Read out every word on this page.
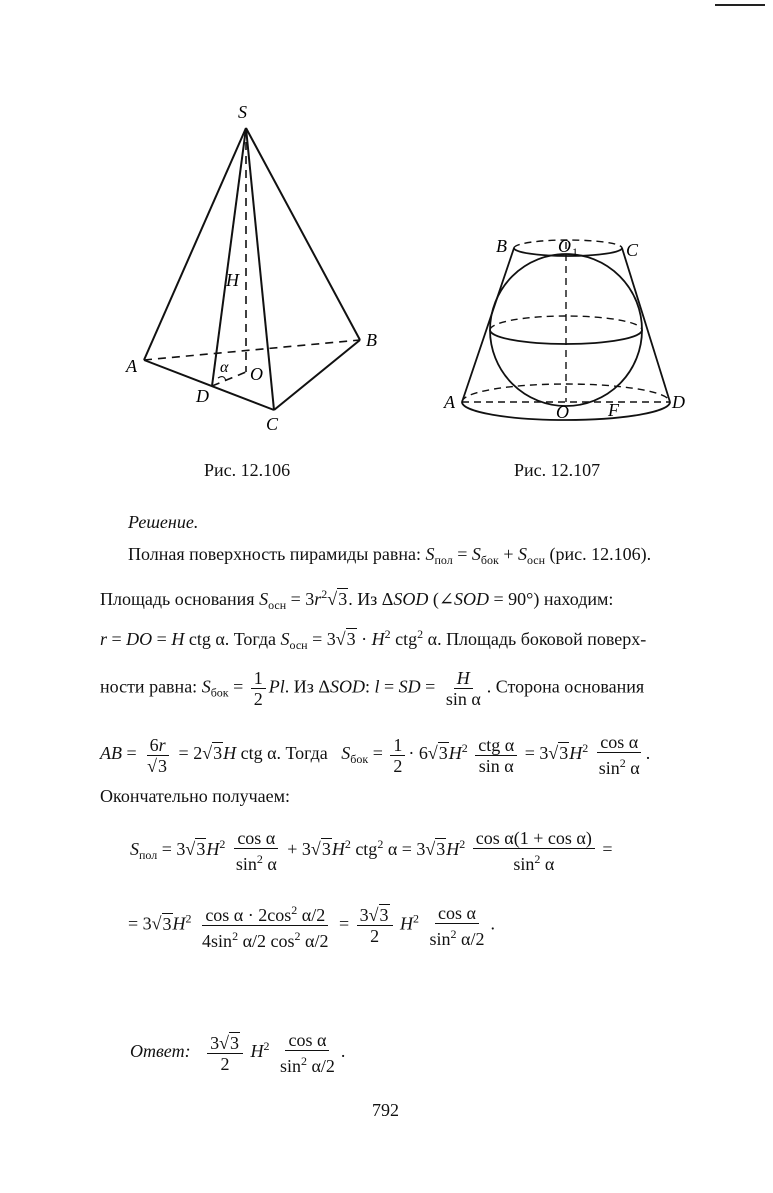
S
H
B
A	α O
D
C
B	O 1	C
A	O F	D
Рис. 12.106	Рис. 12.107
Решение.
Полная поверхность пирамиды равна: $S_{пол} = S_{бок} + S_{осн}$ (рис. 12.106).
Площадь основания $S_{осн} = 3r^2√3$. Из ΔSOD (∠SOD = 90°) находим:
r = DO = H ctg α. Тогда $S_{осн} = 3√3 \cdot H^2$ ctg$^2$ α. Площадь боковой поверх-
ности равна: $S_{бок} = \frac{1}{2} Pl$. Из ΔSOD: l = SD = $\frac{H}{\text{sin α}}$ . Сторона основания
AB = $\frac{6r}{√3} = 2√3H$ ctg α. Тогда $S_{бок} = \frac{1}{2} \cdot 6√3H^2 \frac{\text{ctg α}}{\text{sin α}} = 3√3H^2 \frac{\text{cos α}}{\sin^2 \alpha}$ .
Окончательно получаем:
$S_{пол} = 3√3H^2 \frac{\text{cos α}}{\sin^2 \alpha} + 3√3H^2$ ctg$^2$ $\alpha = 3√3H^2 \frac{\text{cos α(1 + cos α)}}{\sin^2 \alpha}$ =
= $3√3H^2 \frac{\cos \alpha \cdot 2\cos^2 \alpha/2}{4\sin^2 \alpha/2 \cos^2 \alpha/2} = \frac{3√3}{2} H^2 \frac{\text{cos α}}{\sin^2 \alpha/2}$ .
Ответ: $\frac{3√3}{2} H^2 \frac{\text{cos α}}{\sin^2 \alpha/2}$ .
792
